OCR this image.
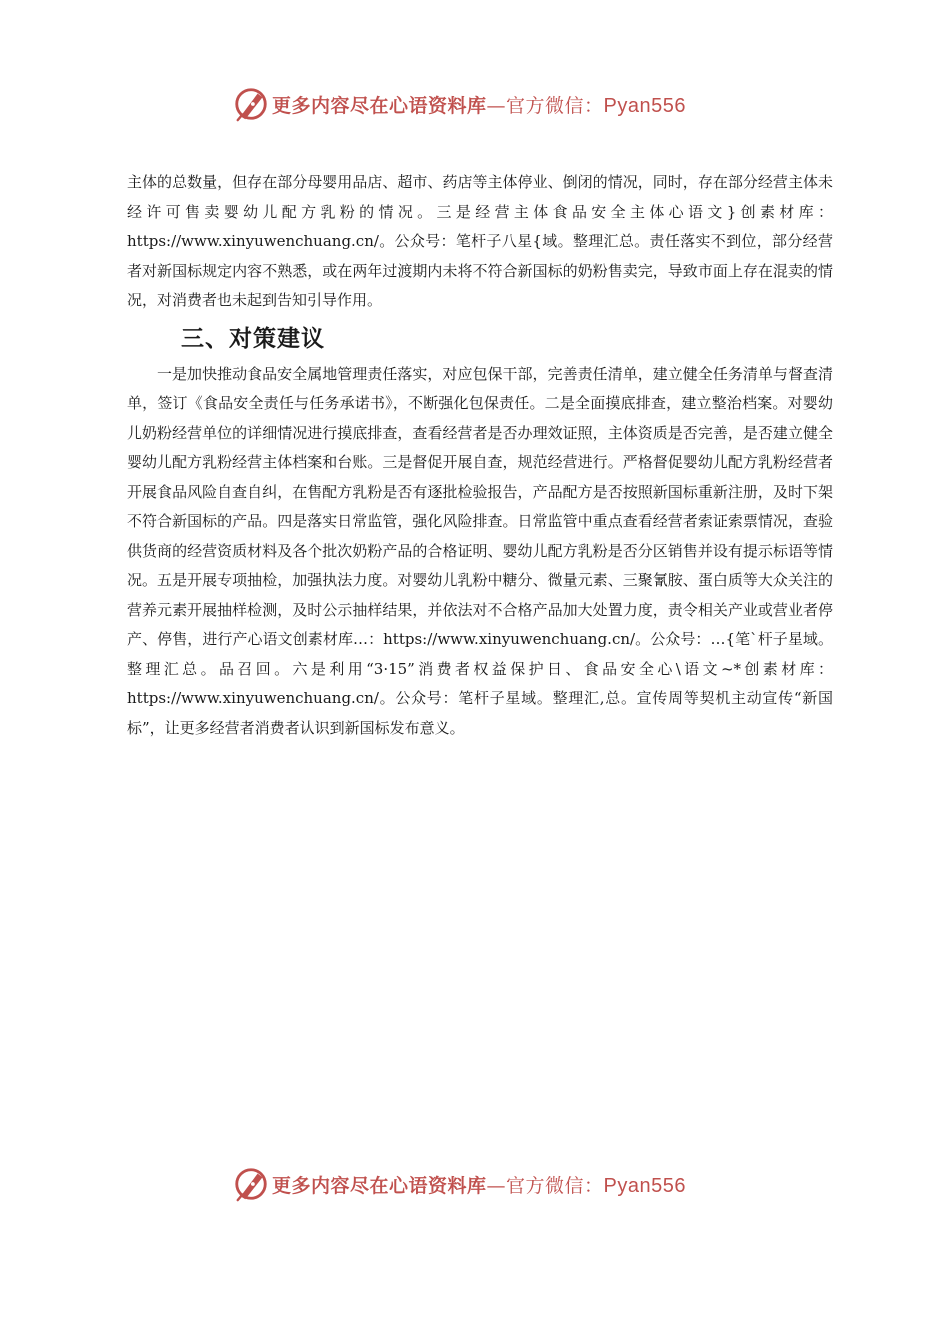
更多内容尽在心语资料库—官方微信：Pyan556

主体的总数量，但存在部分母婴用品店、超市、药店等主体停业、倒闭的情况，同时，存在部分经营主体未经许可售卖婴幼儿配方乳粉的情况。三是经营主体食品安全主体心语文}创素材库：https://www.xinyuwenchuang.cn/。公众号：笔杆子八星{域。整理汇总。责任落实不到位，部分经营者对新国标规定内容不熟悉，或在两年过渡期内未将不符合新国标的奶粉售卖完，导致市面上存在混卖的情况，对消费者也未起到告知引导作用。

三、对策建议

一是加快推动食品安全属地管理责任落实，对应包保干部，完善责任清单，建立健全任务清单与督查清单，签订《食品安全责任与任务承诺书》，不断强化包保责任。二是全面摸底排查，建立整治档案。对婴幼儿奶粉经营单位的详细情况进行摸底排查，查看经营者是否办理效证照，主体资质是否完善，是否建立健全婴幼儿配方乳粉经营主体档案和台账。三是督促开展自查，规范经营进行。严格督促婴幼儿配方乳粉经营者开展食品风险自查自纠，在售配方乳粉是否有逐批检验报告，产品配方是否按照新国标重新注册，及时下架不符合新国标的产品。四是落实日常监管，强化风险排查。日常监管中重点查看经营者索证索票情况，查验供货商的经营资质材料及各个批次奶粉产品的合格证明、婴幼儿配方乳粉是否分区销售并设有提示标语等情况。五是开展专项抽检，加强执法力度。对婴幼儿乳粉中糖分、微量元素、三聚氰胺、蛋白质等大众关注的营养元素开展抽样检测，及时公示抽样结果，并依法对不合格产品加大处置力度，责令相关产业或营业者停产、停售，进行产心语文创素材库…：https://www.xinyuwenchuang.cn/。公众号：…{笔`杆子星域。整理汇总。品召回。六是利用“3·15”消费者权益保护日、食品安全心\语文~*创素材库：https://www.xinyuwenchuang.cn/。公众号：笔杆子星域。整理汇,总。宣传周等契机主动宣传“新国标”，让更多经营者消费者认识到新国标发布意义。

更多内容尽在心语资料库—官方微信：Pyan556
